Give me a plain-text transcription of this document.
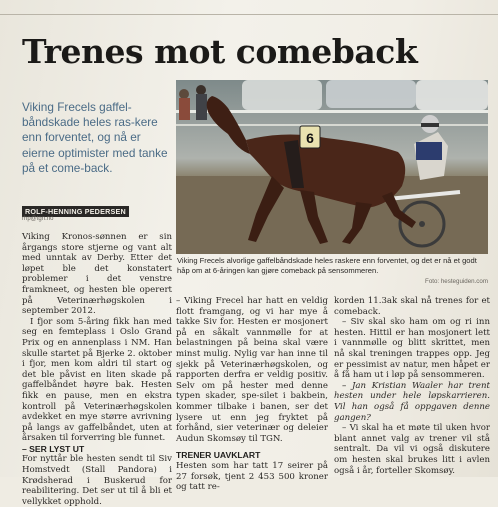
Trenes mot comeback
Viking Frecels gaffel-båndskade heles ras-kere enn forventet, og nå er eierne optimister med tanke på et come-back.
ROLF-HENNING PEDERSEN
rhp@tgn.no
6
Viking Frecels alvorlige gaffelbåndskade heles raskere enn forventet, og det er nå et godt håp om at 6-åringen kan gjøre comeback på sensommeren.
Foto: hesteguiden.com

Viking Kronos-sønnen er sin årgangs store stjerne og vant alt med unntak av Derby. Etter det løpet ble det konstatert problemer i det venstre framkneet, og hesten ble operert på Veterinærhøgskolen i september 2012.

I fjor som 5-åring fikk han med seg en femteplass i Oslo Grand Prix og en annenplass i NM. Han skulle startet på Bjerke 2. oktober i fjor, men kom aldri til start og det ble påvist en liten skade på gaffelbåndet høyre bak. Hesten fikk en pause, men en ekstra kontroll på Veterinærhøgskolen avdekket en mye større avrivning på langs av gaffelbåndet, uten at årsaken til forverring ble funnet.

– SER LYST UT

For nyttår ble hesten sendt til Siv Homstvedt (Stall Pandora) i Krødsherad i Buskerud for reabilitering. Det ser ut til å bli et vellykket opphold.

– Viking Frecel har hatt en veldig flott framgang, og vi har mye å takke Siv for. Hesten er mosjonert på en såkalt vannmølle for at belastningen på beina skal være minst mulig. Nylig var han inne til sjekk på Veterinærhøgskolen, og rapporten derfra er veldig positiv. Selv om på hester med denne typen skader, spe-silet i bakbein, kommer tilbake i banen, ser det lysere ut enn jeg fryktet på forhånd, sier veterinær og deleier Audun Skomsøy til TGN.

TRENER UAVKLART

Hesten som har tatt 17 seirer på 27 forsøk, tjent 2 453 500 kroner og tatt re-

korden 11.3ak skal nå trenes for et comeback.

– Siv skal sko ham om og ri inn hesten. Hittil er han mosjonert lett i vannmølle og blitt skrittet, men nå skal treningen trappes opp. Jeg er pessimist av natur, men håpet er å få ham ut i løp på sensommeren.

– Jan Kristian Waaler har trent hesten under hele løpskarrieren. Vil han også få oppgaven denne gangen?

– Vi skal ha et møte til uken hvor blant annet valg av trener vil stå sentralt. Da vil vi også diskutere om hesten skal brukes litt i avlen også i år, forteller Skomsøy.
